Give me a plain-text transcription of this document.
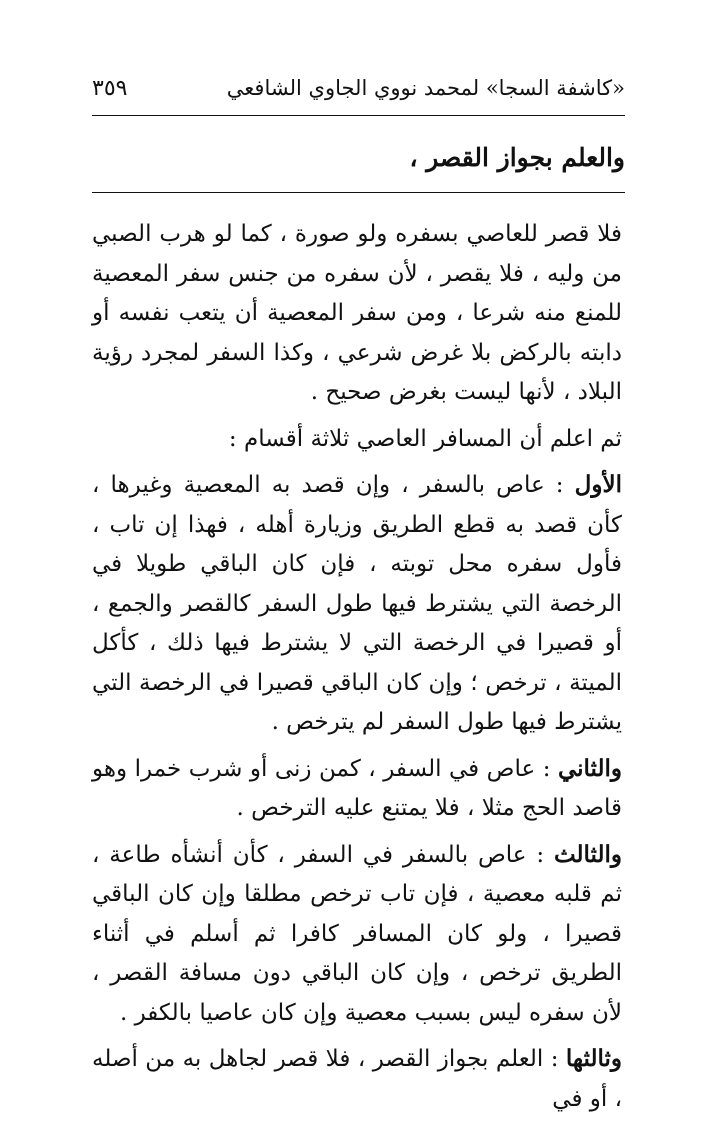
«كاشفة السجا» لمحمد نووي الجاوي الشافعي
٣٥٩
والعلم بجواز القصر ،

فلا قصر للعاصي بسفره ولو صورة ، كما لو هرب الصبي من وليه ، فلا يقصر ، لأن سفره من جنس سفر المعصية للمنع منه شرعا ، ومن سفر المعصية أن يتعب نفسه أو دابته بالركض بلا غرض شرعي ، وكذا السفر لمجرد رؤية البلاد ، لأنها ليست بغرض صحيح .

ثم اعلم أن المسافر العاصي ثلاثة أقسام :

الأول : عاص بالسفر ، وإن قصد به المعصية وغيرها ، كأن قصد به قطع الطريق وزيارة أهله ، فهذا إن تاب ، فأول سفره محل توبته ، فإن كان الباقي طويلا في الرخصة التي يشترط فيها طول السفر كالقصر والجمع ، أو قصيرا في الرخصة التي لا يشترط فيها ذلك ، كأكل الميتة ، ترخص ؛ وإن كان الباقي قصيرا في الرخصة التي يشترط فيها طول السفر لم يترخص .

والثاني : عاص في السفر ، كمن زنى أو شرب خمرا وهو قاصد الحج مثلا ، فلا يمتنع عليه الترخص .

والثالث : عاص بالسفر في السفر ، كأن أنشأه طاعة ، ثم قلبه معصية ، فإن تاب ترخص مطلقا وإن كان الباقي قصيرا ، ولو كان المسافر كافرا ثم أسلم في أثناء الطريق ترخص ، وإن كان الباقي دون مسافة القصر ، لأن سفره ليس بسبب معصية وإن كان عاصيا بالكفر .

وثالثها : العلم بجواز القصر ، فلا قصر لجاهل به من أصله ، أو في
